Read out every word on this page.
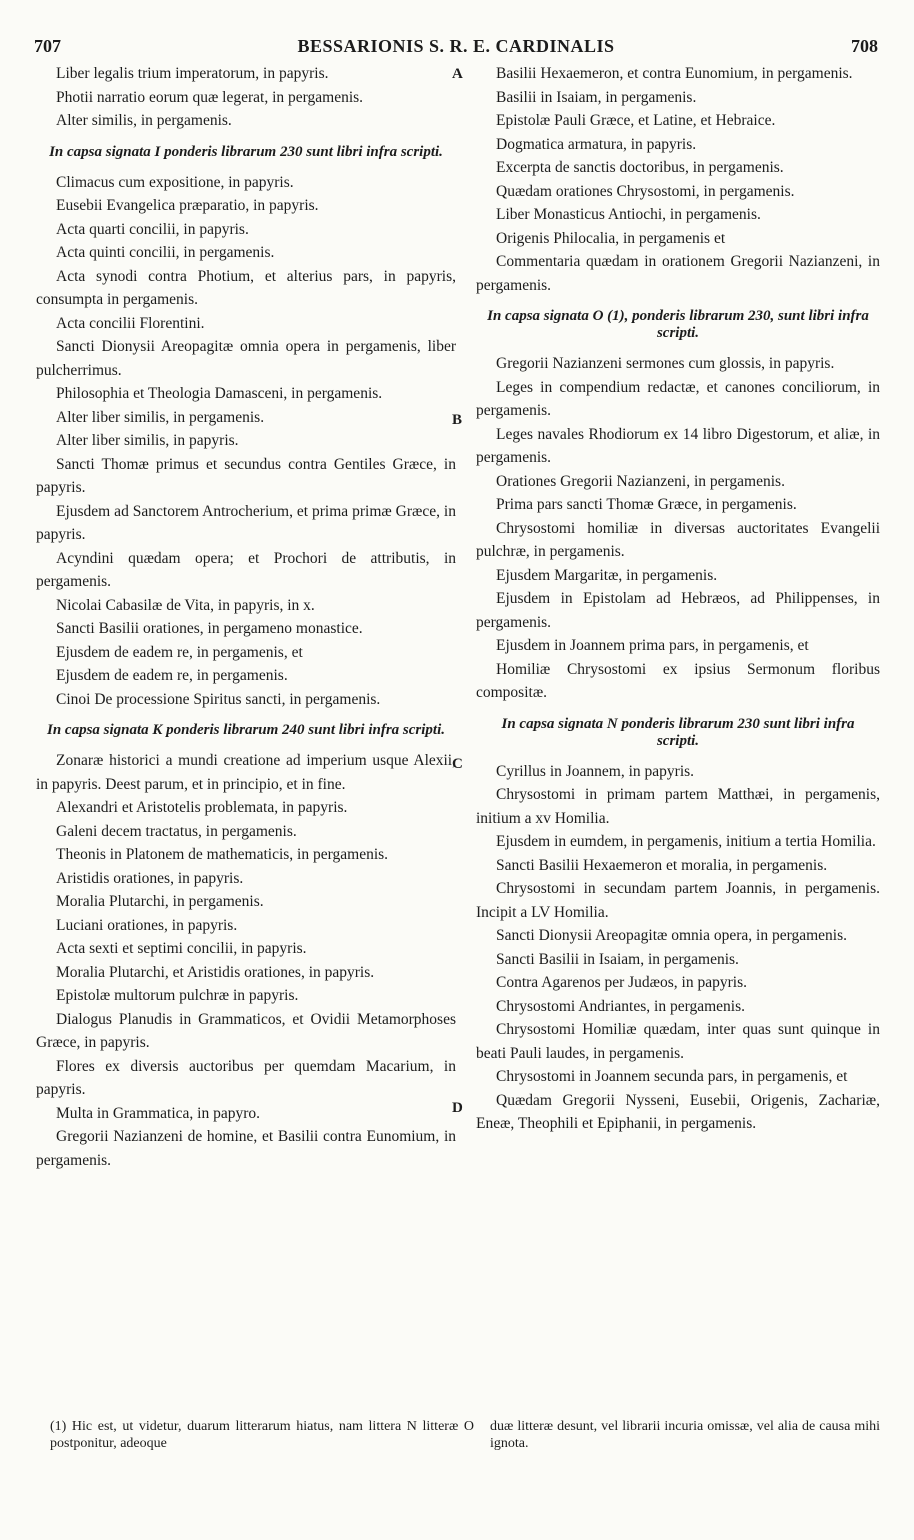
707	BESSARIONIS S. R. E. CARDINALIS	708
A
B
C
D

Liber legalis trium imperatorum, in papyris.

Photii narratio eorum quæ legerat, in pergamenis.

Alter similis, in pergamenis.

In capsa signata I ponderis librarum 230 sunt libri infra scripti.

Climacus cum expositione, in papyris.

Eusebii Evangelica præparatio, in papyris.

Acta quarti concilii, in papyris.

Acta quinti concilii, in pergamenis.

Acta synodi contra Photium, et alterius pars, in papyris, consumpta in pergamenis.

Acta concilii Florentini.

Sancti Dionysii Areopagitæ omnia opera in pergamenis, liber pulcherrimus.

Philosophia et Theologia Damasceni, in pergamenis.

Alter liber similis, in pergamenis.

Alter liber similis, in papyris.

Sancti Thomæ primus et secundus contra Gentiles Græce, in papyris.

Ejusdem ad Sanctorem Antrocherium, et prima primæ Græce, in papyris.

Acyndini quædam opera; et Prochori de attributis, in pergamenis.

Nicolai Cabasilæ de Vita, in papyris, in x.

Sancti Basilii orationes, in pergameno monastice.

Ejusdem de eadem re, in pergamenis, et

Ejusdem de eadem re, in pergamenis.

Cinoi De processione Spiritus sancti, in pergamenis.

In capsa signata K ponderis librarum 240 sunt libri infra scripti.

Zonaræ historici a mundi creatione ad imperium usque Alexii, in papyris. Deest parum, et in principio, et in fine.

Alexandri et Aristotelis problemata, in papyris.

Galeni decem tractatus, in pergamenis.

Theonis in Platonem de mathematicis, in pergamenis.

Aristidis orationes, in papyris.

Moralia Plutarchi, in pergamenis.

Luciani orationes, in papyris.

Acta sexti et septimi concilii, in papyris.

Moralia Plutarchi, et Aristidis orationes, in papyris.

Epistolæ multorum pulchræ in papyris.

Dialogus Planudis in Grammaticos, et Ovidii Metamorphoses Græce, in papyris.

Flores ex diversis auctoribus per quemdam Macarium, in papyris.

Multa in Grammatica, in papyro.

Gregorii Nazianzeni de homine, et Basilii contra Eunomium, in pergamenis.

Basilii Hexaemeron, et contra Eunomium, in pergamenis.

Basilii in Isaiam, in pergamenis.

Epistolæ Pauli Græce, et Latine, et Hebraice.

Dogmatica armatura, in papyris.

Excerpta de sanctis doctoribus, in pergamenis.

Quædam orationes Chrysostomi, in pergamenis.

Liber Monasticus Antiochi, in pergamenis.

Origenis Philocalia, in pergamenis et

Commentaria quædam in orationem Gregorii Nazianzeni, in pergamenis.

In capsa signata O (1), ponderis librarum 230, sunt libri infra scripti.

Gregorii Nazianzeni sermones cum glossis, in papyris.

Leges in compendium redactæ, et canones conciliorum, in pergamenis.

Leges navales Rhodiorum ex 14 libro Digestorum, et aliæ, in pergamenis.

Orationes Gregorii Nazianzeni, in pergamenis.

Prima pars sancti Thomæ Græce, in pergamenis.

Chrysostomi homiliæ in diversas auctoritates Evangelii pulchræ, in pergamenis.

Ejusdem Margaritæ, in pergamenis.

Ejusdem in Epistolam ad Hebræos, ad Philippenses, in pergamenis.

Ejusdem in Joannem prima pars, in pergamenis, et

Homiliæ Chrysostomi ex ipsius Sermonum floribus compositæ.

In capsa signata N ponderis librarum 230 sunt libri infra scripti.

Cyrillus in Joannem, in papyris.

Chrysostomi in primam partem Matthæi, in pergamenis, initium a xv Homilia.

Ejusdem in eumdem, in pergamenis, initium a tertia Homilia.

Sancti Basilii Hexaemeron et moralia, in pergamenis.

Chrysostomi in secundam partem Joannis, in pergamenis. Incipit a LV Homilia.

Sancti Dionysii Areopagitæ omnia opera, in pergamenis.

Sancti Basilii in Isaiam, in pergamenis.

Contra Agarenos per Judæos, in papyris.

Chrysostomi Andriantes, in pergamenis.

Chrysostomi Homiliæ quædam, inter quas sunt quinque in beati Pauli laudes, in pergamenis.

Chrysostomi in Joannem secunda pars, in pergamenis, et

Quædam Gregorii Nysseni, Eusebii, Origenis, Zachariæ, Eneæ, Theophili et Epiphanii, in pergamenis.

(1) Hic est, ut videtur, duarum litterarum hiatus, nam littera N litteræ O postponitur, adeoque

duæ litteræ desunt, vel librarii incuria omissæ, vel alia de causa mihi ignota.
